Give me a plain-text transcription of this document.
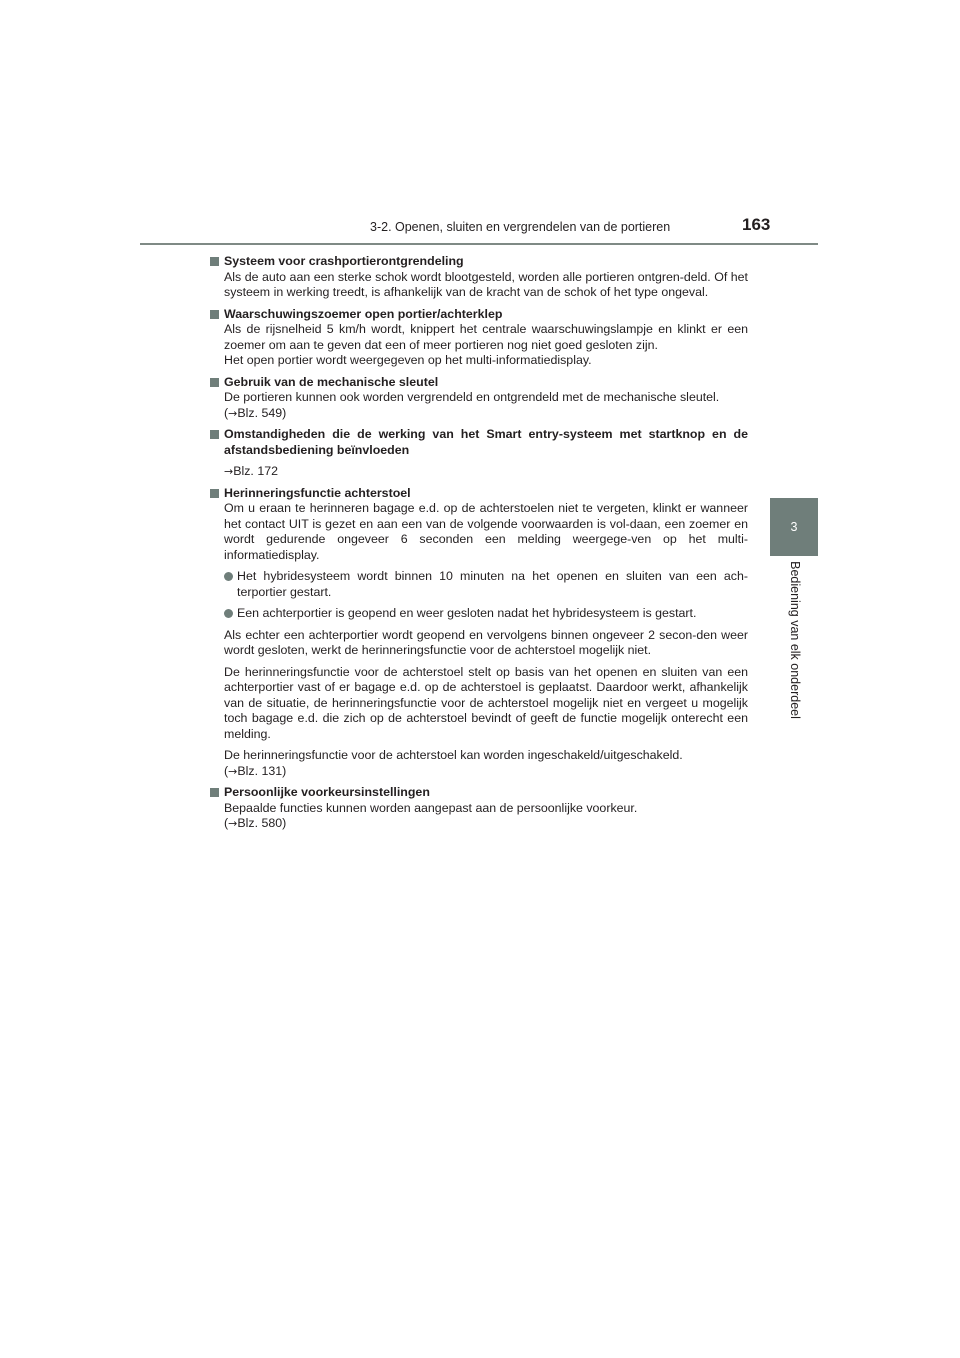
3-2. Openen, sluiten en vergrendelen van de portieren	163
3
Bediening van elk onderdeel
Systeem voor crashportierontgrendeling
Als de auto aan een sterke schok wordt blootgesteld, worden alle portieren ontgren-deld. Of het systeem in werking treedt, is afhankelijk van de kracht van de schok of het type ongeval.
Waarschuwingszoemer open portier/achterklep
Als de rijsnelheid 5 km/h wordt, knippert het centrale waarschuwingslampje en klinkt er een zoemer om aan te geven dat een of meer portieren nog niet goed gesloten zijn.
Het open portier wordt weergegeven op het multi-informatiedisplay.
Gebruik van de mechanische sleutel
De portieren kunnen ook worden vergrendeld en ontgrendeld met de mechanische sleutel.
(→Blz. 549)
Omstandigheden die de werking van het Smart entry-systeem met startknop en de afstandsbediening beïnvloeden
→Blz. 172
Herinneringsfunctie achterstoel
Om u eraan te herinneren bagage e.d. op de achterstoelen niet te vergeten, klinkt er wanneer het contact UIT is gezet en aan een van de volgende voorwaarden is vol-daan, een zoemer en wordt gedurende ongeveer 6 seconden een melding weergege-ven op het multi-informatiedisplay.
Het hybridesysteem wordt binnen 10 minuten na het openen en sluiten van een ach-terportier gestart.
Een achterportier is geopend en weer gesloten nadat het hybridesysteem is gestart.
Als echter een achterportier wordt geopend en vervolgens binnen ongeveer 2 secon-den weer wordt gesloten, werkt de herinneringsfunctie voor de achterstoel mogelijk niet.
De herinneringsfunctie voor de achterstoel stelt op basis van het openen en sluiten van een achterportier vast of er bagage e.d. op de achterstoel is geplaatst. Daardoor werkt, afhankelijk van de situatie, de herinneringsfunctie voor de achterstoel mogelijk niet en vergeet u mogelijk toch bagage e.d. die zich op de achterstoel bevindt of geeft de functie mogelijk onterecht een melding.
De herinneringsfunctie voor de achterstoel kan worden ingeschakeld/uitgeschakeld.
(→Blz. 131)
Persoonlijke voorkeursinstellingen
Bepaalde functies kunnen worden aangepast aan de persoonlijke voorkeur.
(→Blz. 580)
